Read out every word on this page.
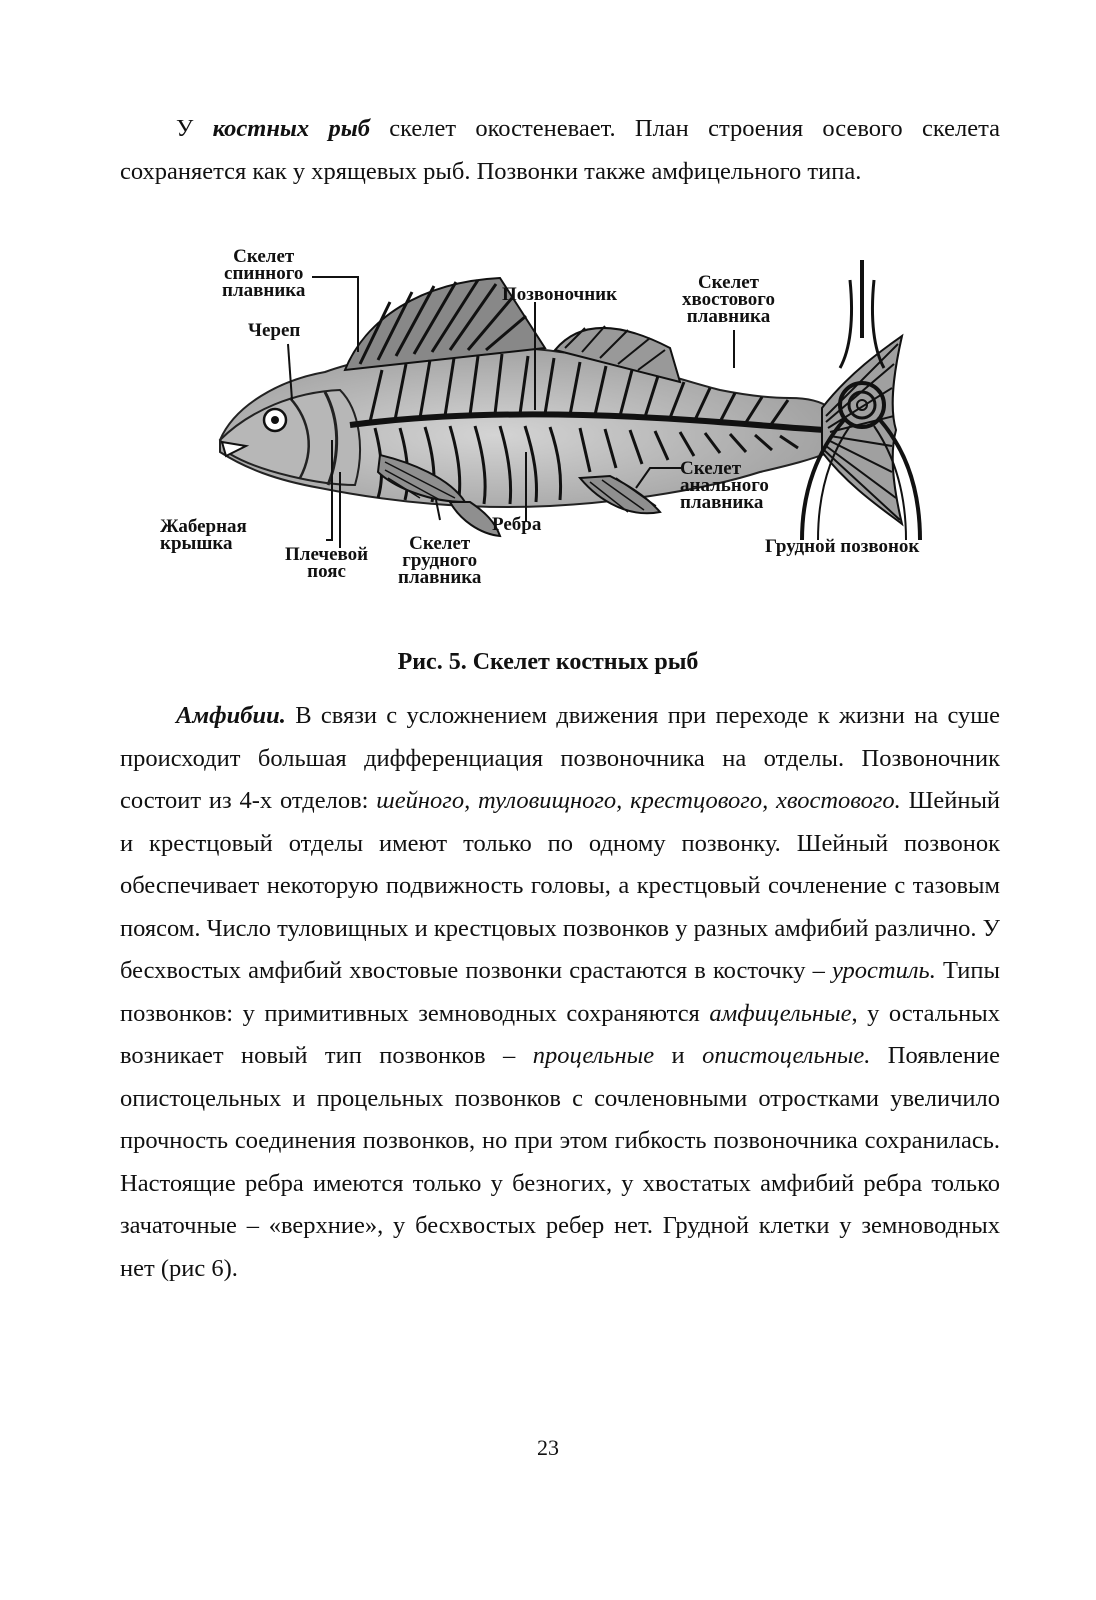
У костных рыб скелет окостеневает. План строения осевого скелета сохраняется как у хрящевых рыб. Позвонки также амфицельного типа.

Скелет
спинного
плавника
Череп
Позвоночник
Скелет
хвостового
плавника
Скелет
анального
плавника
Жаберная
крышка
Плечевой
пояс
Скелет
грудного
плавника
Ребра
Грудной позвонок
Рис. 5. Скелет костных рыб

Амфибии. В связи с усложнением движения при переходе к жизни на суше происходит большая дифференциация позвоночника на отделы. Позвоночник состоит из 4-х отделов: шейного, туловищного, крестцового, хвостового. Шейный и крестцовый отделы имеют только по одному позвонку. Шейный позвонок обеспечивает некоторую подвижность головы, а крестцовый сочленение с тазовым поясом. Число туловищных и крестцовых позвонков у разных амфибий различно. У бесхвостых амфибий хвостовые позвонки срастаются в косточку – уростиль. Типы позвонков: у примитивных земноводных сохраняются амфицельные, у остальных возникает новый тип позвонков – процельные и опистоцельные. Появление опистоцельных и процельных позвонков с сочленовными отростками увеличило прочность соединения позвонков, но при этом гибкость позвоночника сохранилась. Настоящие ребра имеются только у безногих, у хвостатых амфибий ребра только зачаточные – «верхние», у бесхвостых ребер нет. Грудной клетки у земноводных нет (рис 6).

23
